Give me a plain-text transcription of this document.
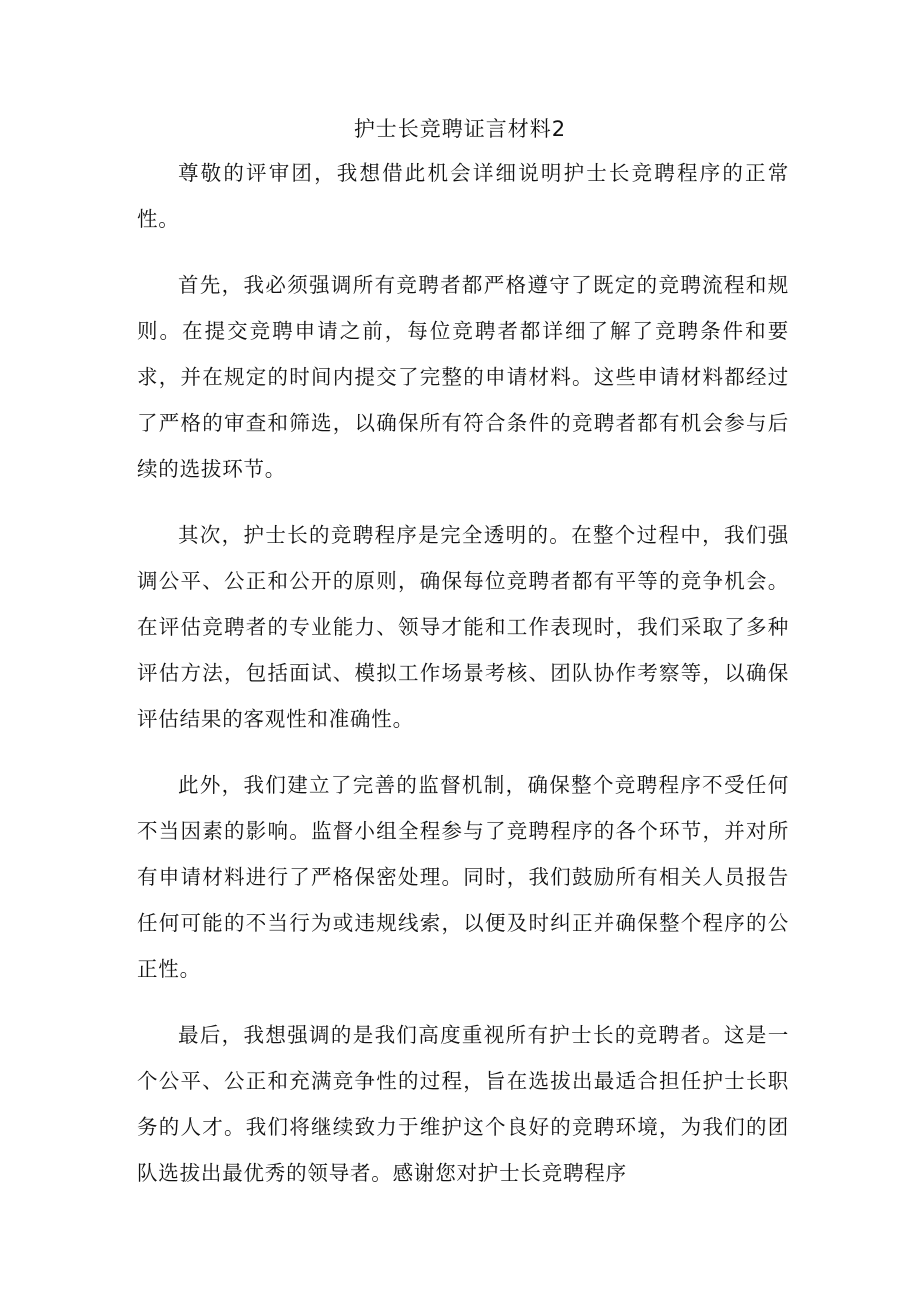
护士长竞聘证言材料2

尊敬的评审团，我想借此机会详细说明护士长竞聘程序的正常性。

首先，我必须强调所有竞聘者都严格遵守了既定的竞聘流程和规则。在提交竞聘申请之前，每位竞聘者都详细了解了竞聘条件和要求，并在规定的时间内提交了完整的申请材料。这些申请材料都经过了严格的审查和筛选，以确保所有符合条件的竞聘者都有机会参与后续的选拔环节。

其次，护士长的竞聘程序是完全透明的。在整个过程中，我们强调公平、公正和公开的原则，确保每位竞聘者都有平等的竞争机会。在评估竞聘者的专业能力、领导才能和工作表现时，我们采取了多种评估方法，包括面试、模拟工作场景考核、团队协作考察等，以确保评估结果的客观性和准确性。

此外，我们建立了完善的监督机制，确保整个竞聘程序不受任何不当因素的影响。监督小组全程参与了竞聘程序的各个环节，并对所有申请材料进行了严格保密处理。同时，我们鼓励所有相关人员报告任何可能的不当行为或违规线索，以便及时纠正并确保整个程序的公正性。

最后，我想强调的是我们高度重视所有护士长的竞聘者。这是一个公平、公正和充满竞争性的过程，旨在选拔出最适合担任护士长职务的人才。我们将继续致力于维护这个良好的竞聘环境，为我们的团队选拔出最优秀的领导者。感谢您对护士长竞聘程序
